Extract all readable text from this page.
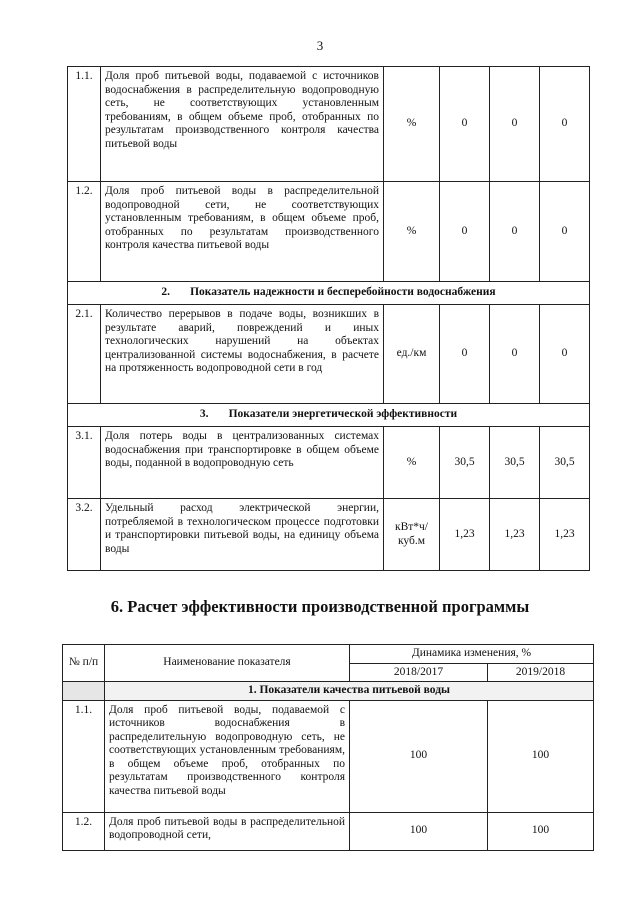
3
1.1.	Доля проб питьевой воды, подаваемой с источников водоснабжения в распределительную водопроводную сеть, не соответствующих установленным требованиям, в общем объеме проб, отобранных по результатам производственного контроля качества питьевой воды	%	0	0	0
1.2.	Доля проб питьевой воды в распределительной водопроводной сети, не соответствующих установленным требованиям, в общем объеме проб, отобранных по результатам производственного контроля качества питьевой воды	%	0	0	0
2. Показатель надежности и бесперебойности водоснабжения					
2.1.	Количество перерывов в подаче воды, возникших в результате аварий, повреждений и иных технологических нарушений на объектах централизованной системы водоснабжения, в расчете на протяженность водопроводной сети в год	ед./км	0	0	0
3. Показатели энергетической эффективности					
3.1.	Доля потерь воды в централизованных системах водоснабжения при транспортировке в общем объеме воды, поданной в водопроводную сеть	%	30,5	30,5	30,5
3.2.	Удельный расход электрической энергии, потребляемой в технологическом процессе подготовки и транспортировки питьевой воды, на единицу объема воды	кВт*ч/ куб.м	1,23	1,23	1,23
6. Расчет эффективности производственной программы
№ п/п	Наименование показателя	Динамика изменения, %	
		2018/2017	2019/2018
	1. Показатели качества питьевой воды		
1.1.	Доля проб питьевой воды, подаваемой с источников водоснабжения в распределительную водопроводную сеть, не соответствующих установленным требованиям, в общем объеме проб, отобранных по результатам производственного контроля качества питьевой воды	100	100
1.2.	Доля проб питьевой воды в распределительной водопроводной сети,	100	100
